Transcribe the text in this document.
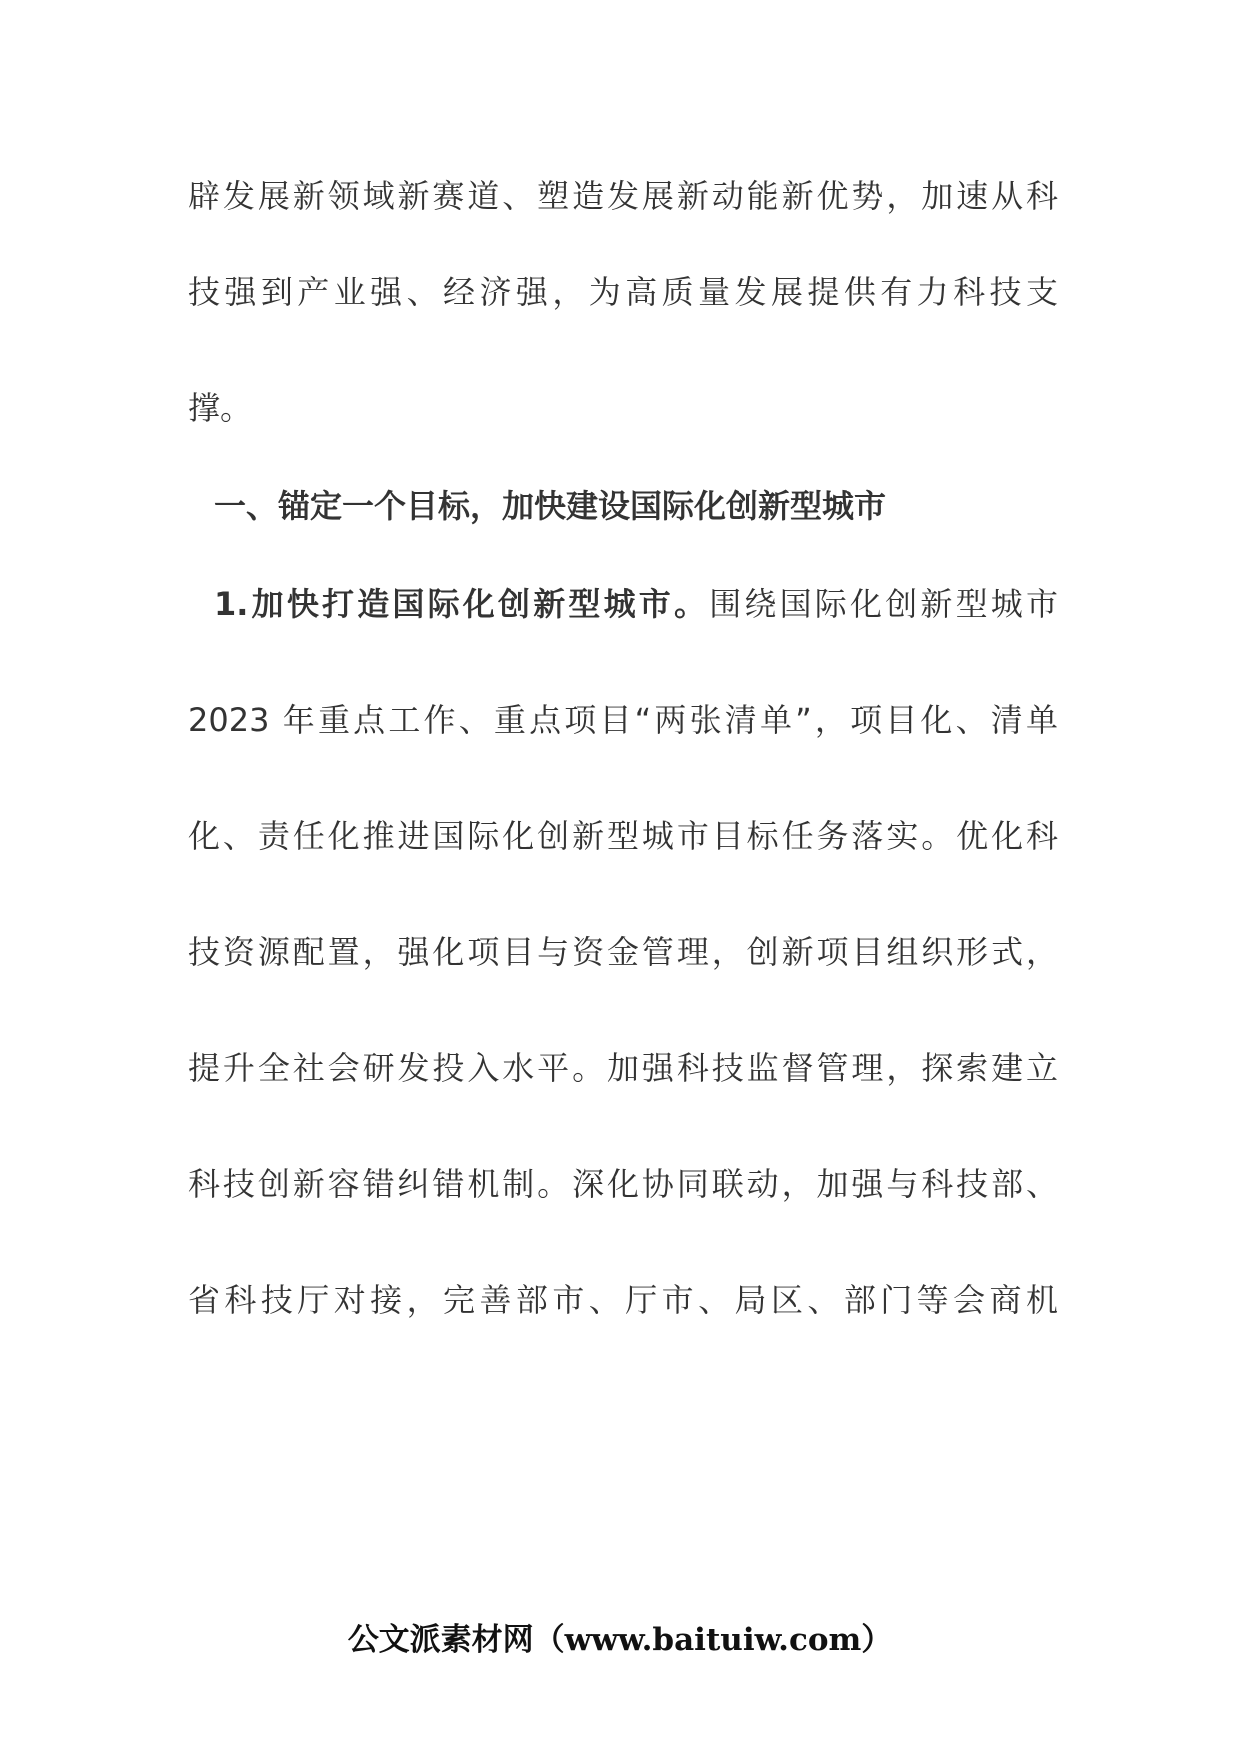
辟发展新领域新赛道、塑造发展新动能新优势，加速从科
技强到产业强、经济强，为高质量发展提供有力科技支
撑。
一、锚定一个目标，加快建设国际化创新型城市
1.加快打造国际化创新型城市。围绕国际化创新型城市
2023 年重点工作、重点项目“两张清单”，项目化、清单
化、责任化推进国际化创新型城市目标任务落实。优化科
技资源配置，强化项目与资金管理，创新项目组织形式，
提升全社会研发投入水平。加强科技监督管理，探索建立
科技创新容错纠错机制。深化协同联动，加强与科技部、
省科技厅对接，完善部市、厅市、局区、部门等会商机
公文派素材网（www.baituiw.com）
